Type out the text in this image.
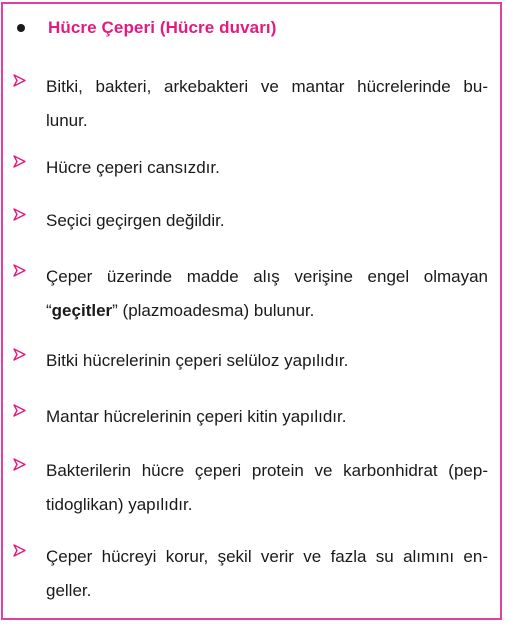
Hücre Çeperi (Hücre duvarı)
Bitki, bakteri, arkebakteri ve mantar hücrelerinde bu-
lunur.
Hücre çeperi cansızdır.
Seçici geçirgen değildir.
Çeper üzerinde madde alış verişine engel olmayan
“geçitler” (plazmoadesma) bulunur.
Bitki hücrelerinin çeperi selüloz yapılıdır.
Mantar hücrelerinin çeperi kitin yapılıdır.
Bakterilerin hücre çeperi protein ve karbonhidrat (pep-
tidoglikan) yapılıdır.
Çeper hücreyi korur, şekil verir ve fazla su alımını en-
geller.
